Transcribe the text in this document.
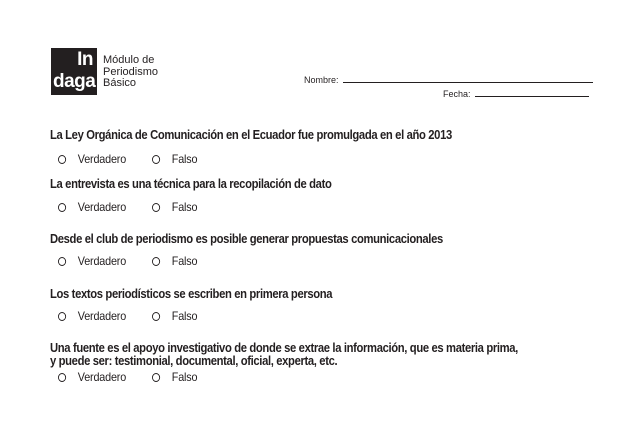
In
daga
Módulo de
Periodismo
Básico	Nombre:
Fecha:
La Ley Orgánica de Comunicación en el Ecuador fue promulgada en el año 2013
Verdadero	Falso
La entrevista es una técnica para la recopilación de dato
Verdadero	Falso
Desde el club de periodismo es posible generar propuestas comunicacionales
Verdadero	Falso
Los textos periodísticos se escriben en primera persona
Verdadero	Falso
Una fuente es el apoyo investigativo de donde se extrae la información, que es materia prima,
y puede ser: testimonial, documental, oficial, experta, etc.
Verdadero	Falso
